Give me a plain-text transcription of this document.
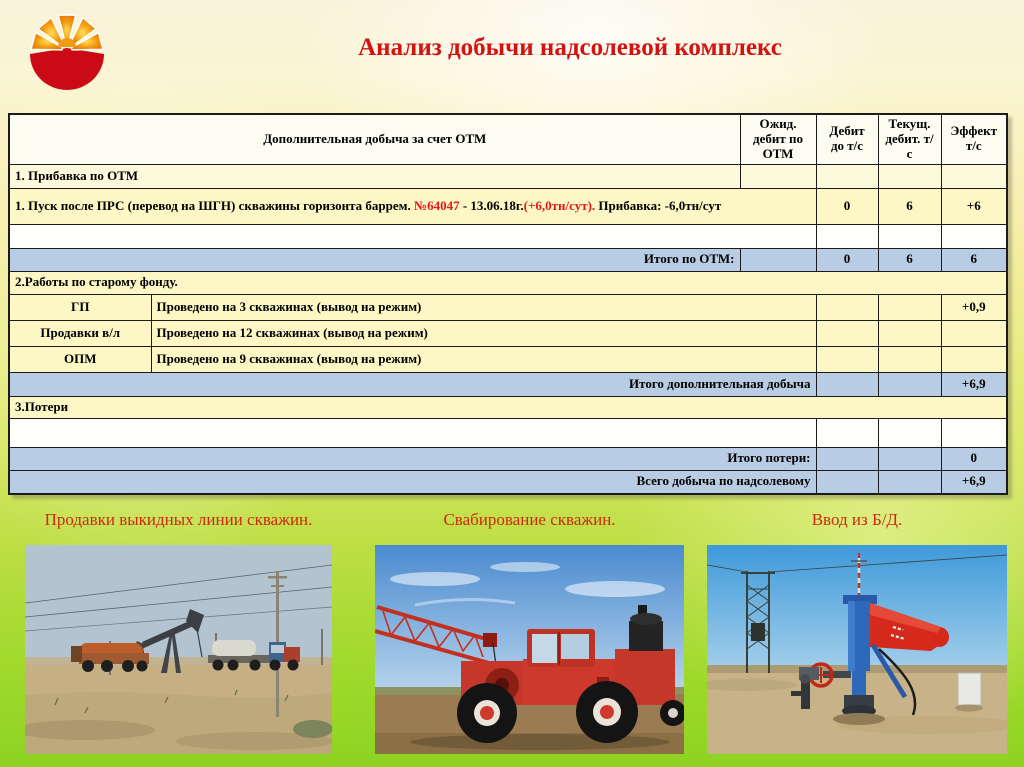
Анализ добычи надсолевой комплекс
Дополнительная добыча за счет ОТМ		Ожид. дебит по ОТМ	Дебит до т/с	Текущ. дебит. т/с	Эффект т/с
1. Прибавка по ОТМ					
1. Пуск после ПРС (перевод на ШГН) скважины горизонта баррем. №64047 - 13.06.18г.(+6,0тн/сут). Прибавка: -6,0тн/сут			0	6	+6

Итого по ОТМ:			0	6	6
2.Работы по старому фонду.					
ГП	Проведено на 3 скважинах (вывод на режим)				+0,9
Продавки в/л	Проведено на 12 скважинах (вывод на режим)				
ОПМ	Проведено на 9 скважинах (вывод на режим)				
Итого дополнительная добыча					+6,9
3.Потери					

Итого потери:					0
Всего добыча по надсолевому					+6,9
Продавки выкидных линии скважин.	Свабирование скважин.	Ввод из Б/Д.
